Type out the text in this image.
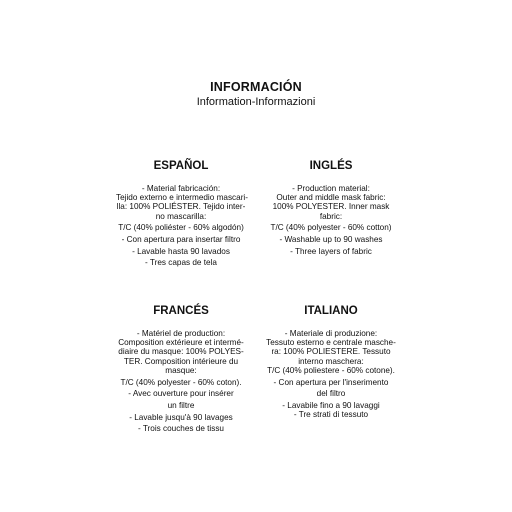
INFORMACIÓN
Information-Informazioni
ESPAÑOL
- Material fabricación:
Tejido externo e intermedio mascari-
lla: 100% POLIÉSTER. Tejido inter-
no mascarilla:
T/C (40% poliéster - 60% algodón)
- Con apertura para insertar filtro
- Lavable hasta 90 lavados
- Tres capas de tela
INGLÉS
- Production material:
Outer and middle mask fabric:
100% POLYESTER. Inner mask
fabric:
T/C (40% polyester - 60% cotton)
- Washable up to 90 washes
- Three layers of fabric
FRANCÉS
- Matériel de production:
Composition extérieure et intermé-
diaire du masque: 100% POLYES-
TER. Composition intérieure du
masque:
T/C (40% polyester - 60% coton).
- Avec ouverture pour insérer
un filtre
- Lavable jusqu'à 90 lavages
- Trois couches de tissu
ITALIANO
- Materiale di produzione:
Tessuto esterno e centrale masche-
ra: 100% POLIESTERE. Tessuto
interno maschera:
T/C (40% poliestere - 60% cotone).
- Con apertura per l'inserimento
del filtro
- Lavabile fino a 90 lavaggi
- Tre strati di tessuto
